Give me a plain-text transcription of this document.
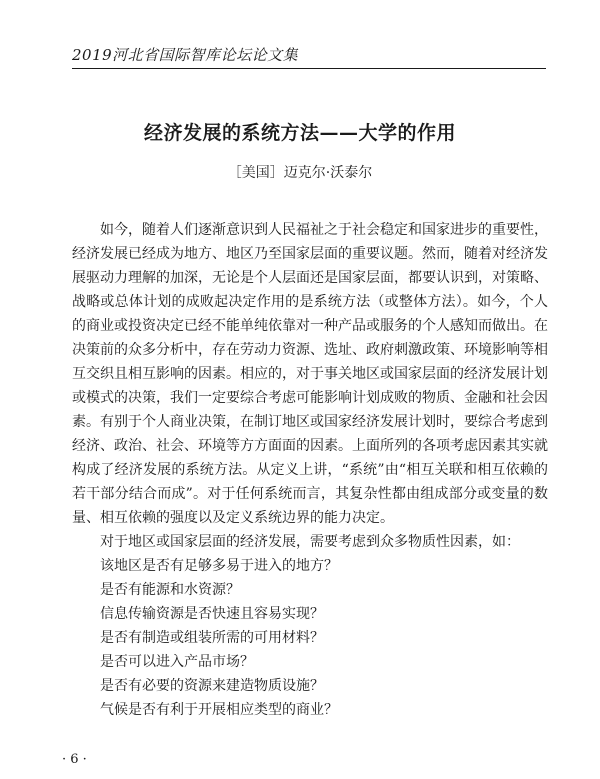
2019河北省国际智库论坛论文集
经济发展的系统方法——大学的作用
［美国］迈克尔·沃泰尔

如今，随着人们逐渐意识到人民福祉之于社会稳定和国家进步的重要性，经济发展已经成为地方、地区乃至国家层面的重要议题。然而，随着对经济发展驱动力理解的加深，无论是个人层面还是国家层面，都要认识到，对策略、战略或总体计划的成败起决定作用的是系统方法（或整体方法）。如今，个人的商业或投资决定已经不能单纯依靠对一种产品或服务的个人感知而做出。在决策前的众多分析中，存在劳动力资源、选址、政府刺激政策、环境影响等相互交织且相互影响的因素。相应的，对于事关地区或国家层面的经济发展计划或模式的决策，我们一定要综合考虑可能影响计划成败的物质、金融和社会因素。有别于个人商业决策，在制订地区或国家经济发展计划时，要综合考虑到经济、政治、社会、环境等方方面面的因素。上面所列的各项考虑因素其实就构成了经济发展的系统方法。从定义上讲，“系统”由“相互关联和相互依赖的若干部分结合而成”。对于任何系统而言，其复杂性都由组成部分或变量的数量、相互依赖的强度以及定义系统边界的能力决定。

对于地区或国家层面的经济发展，需要考虑到众多物质性因素，如：

该地区是否有足够多易于进入的地方？

是否有能源和水资源？

信息传输资源是否快速且容易实现？

是否有制造或组装所需的可用材料？

是否可以进入产品市场？

是否有必要的资源来建造物质设施？

气候是否有利于开展相应类型的商业？

· 6 ·
